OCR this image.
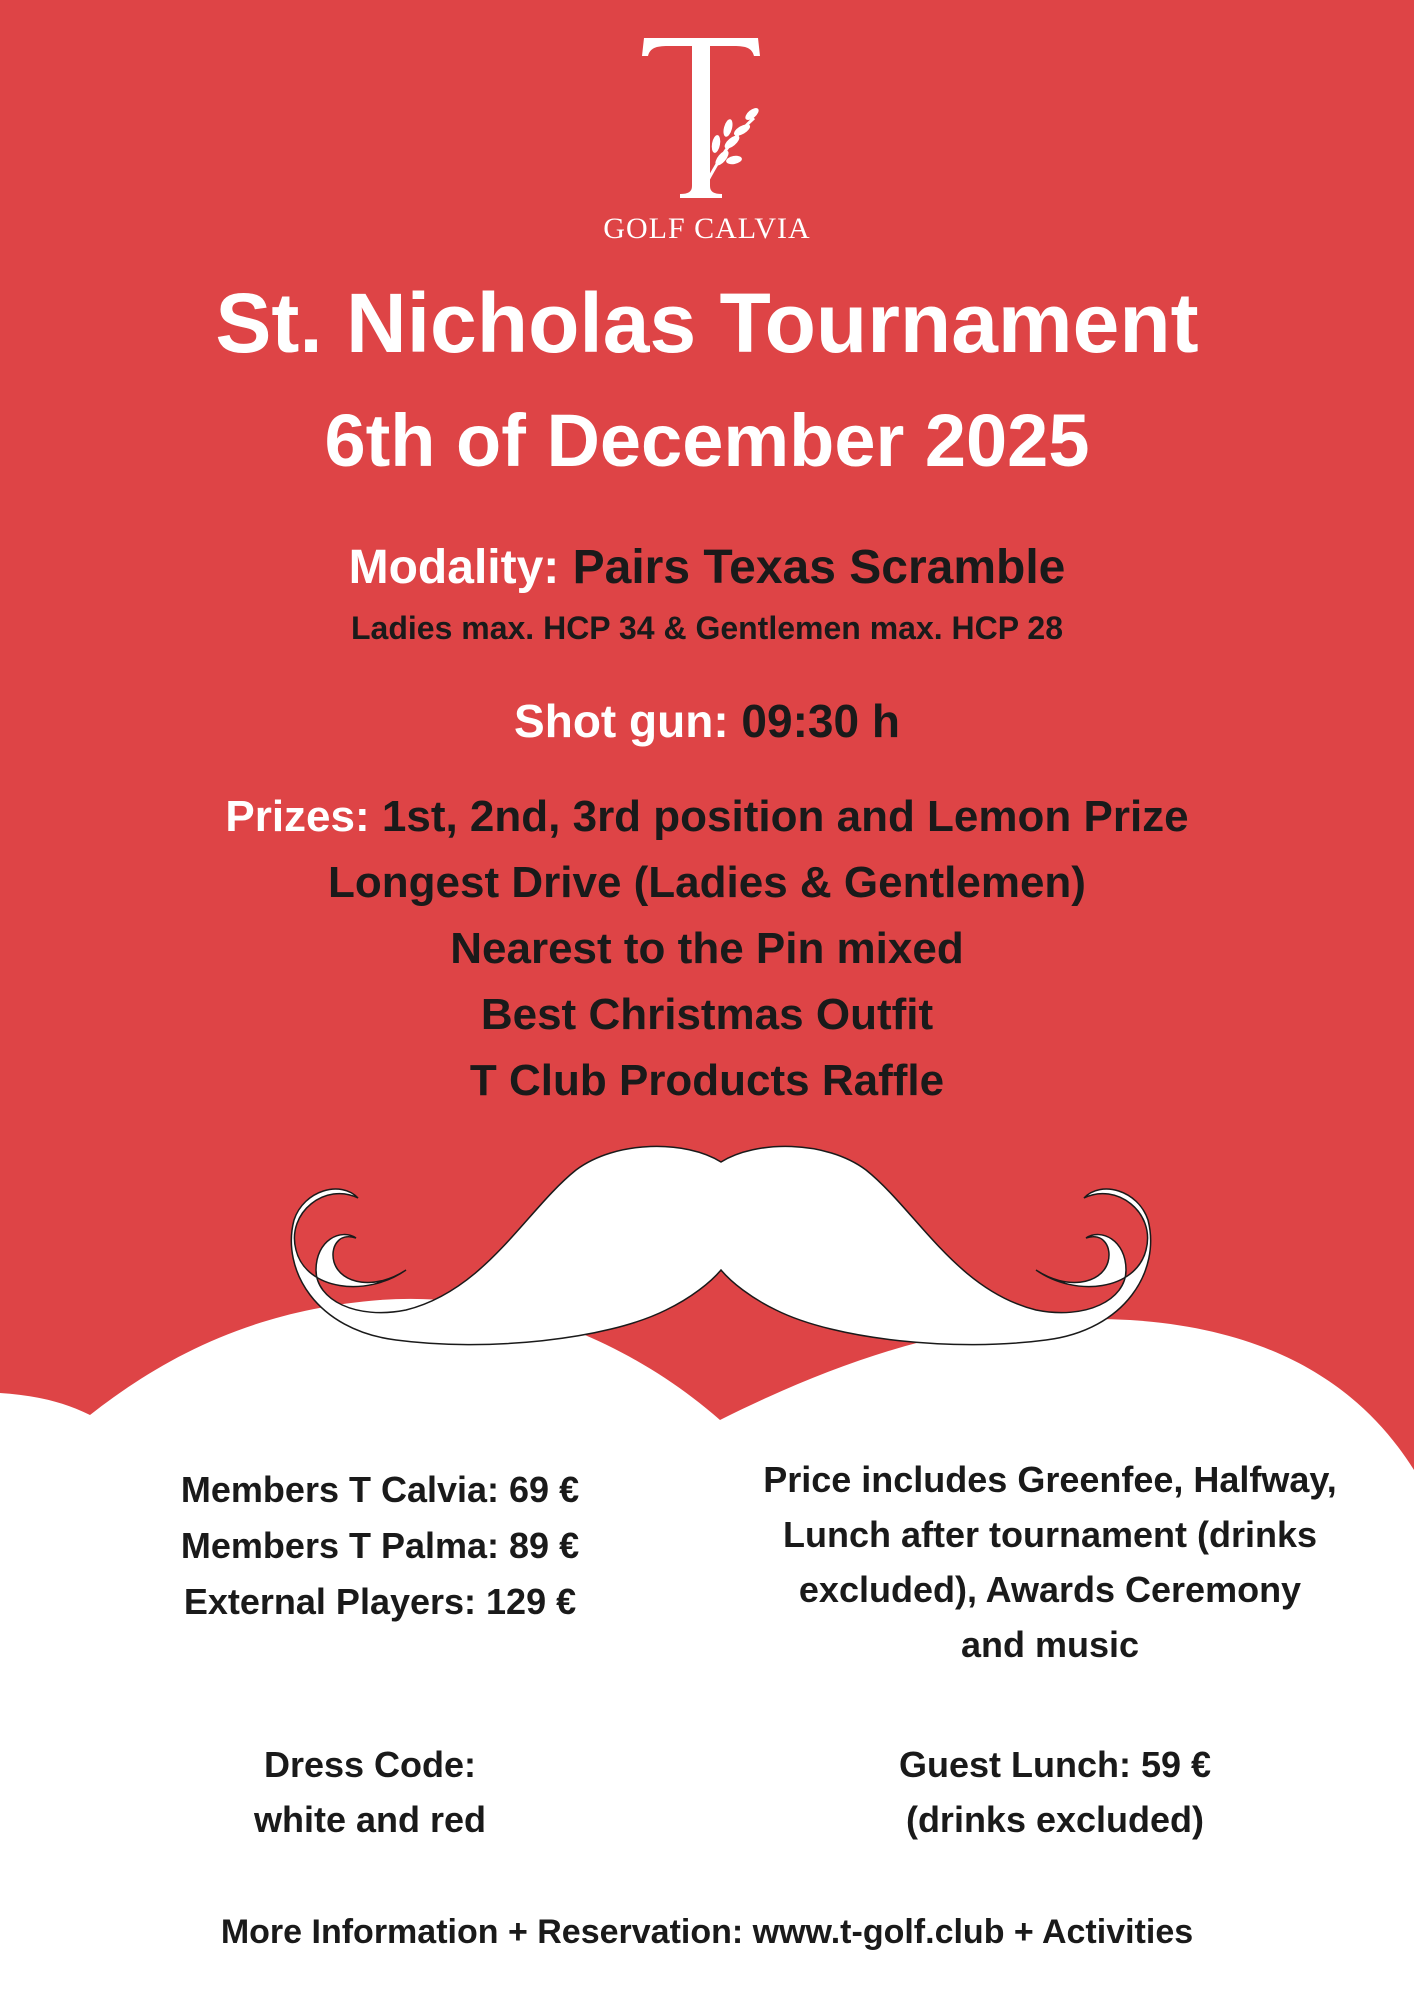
GOLF CALVIA
St. Nicholas Tournament
6th of December 2025
Modality: Pairs Texas Scramble
Ladies max. HCP 34 & Gentlemen max. HCP 28
Shot gun: 09:30 h
Prizes: 1st, 2nd, 3rd position and Lemon Prize
Longest Drive (Ladies & Gentlemen)
Nearest to the Pin mixed
Best Christmas Outfit
T Club Products Raffle
Members T Calvia: 69 €
Members T Palma: 89 €
External Players: 129 €
Price includes Greenfee, Halfway,
Lunch after tournament (drinks
excluded), Awards Ceremony
and music
Dress Code:
white and red
Guest Lunch: 59 €
(drinks excluded)
More Information + Reservation: www.t-golf.club + Activities
